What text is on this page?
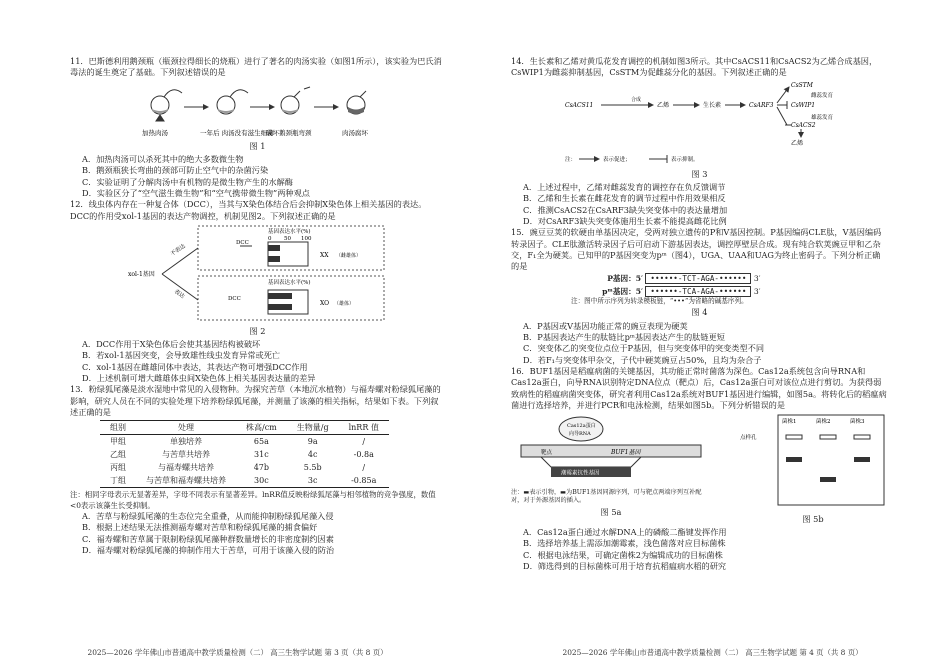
11．巴斯德利用鹅颈瓶（瓶颈拉得细长的烧瓶）进行了著名的肉汤实验（如图1所示），该实验为巴氏消毒法的诞生奠定了基础。下列叙述错误的是

加热肉汤	一年后 肉汤没有滋生细菌
破坏鹅颈瓶弯颈	肉汤腐坏

图 1

A．加热肉汤可以杀死其中的绝大多数微生物

B．鹅颈瓶狭长弯曲的颈部可防止空气中的杂菌污染

C．实验证明了分解肉汤中有机物的是微生物产生的水解酶

D．实验区分了“空气滋生微生物”和“空气携带微生物”两种观点

12．线虫体内存在一种复合体（DCC），当其与X染色体结合后会抑制X染色体上相关基因的表达。DCC的作用受xol-1基因的表达产物调控，机制见图2。下列叙述正确的是

基因表达水平(%)
0 50 100
DCC
XX （雌雄体）
xol-1基因
不表达
表达
基因表达水平(%)
DCC
XO （雄体）

图 2

A．DCC作用于X染色体后会使其基因结构被破坏

B．若xol-1基因突变，会导致雄性线虫发育异常或死亡

C．xol-1基因在雌雄同体中表达，其表达产物可增强DCC作用

D．上述机制可增大雌雄体虫间X染色体上相关基因表达量的差异

13．粉绿狐尾藻是淡水湿地中常见的入侵物种。为探究苦草（本地沉水植物）与福寿螺对粉绿狐尾藻的影响，研究人员在不同的实验处理下培养粉绿狐尾藻，并测量了该藻的相关指标，结果如下表。下列叙述正确的是

组别	处理	株高/cm	生物量/g	lnRR 值
甲组	单独培养	65a	9a	/
乙组	与苦草共培养	31c	4c	-0.8a
丙组	与福寿螺共培养	47b	5.5b	/
丁组	与苦草和福寿螺共培养	30c	3c	-0.85a

注：相同字母表示无显著差异，字母不同表示有显著差异。lnRR值反映粉绿狐尾藻与相邻植物的竞争强度，数值<0表示该藻生长受抑制。

A．苦草与粉绿狐尾藻的生态位完全重叠，从而能抑制粉绿狐尾藻入侵

B．根据上述结果无法推测福寿螺对苦草和粉绿狐尾藻的捕食偏好

C．福寿螺和苦草属于限制粉绿狐尾藻种群数量增长的非密度制约因素

D．福寿螺对粉绿狐尾藻的抑制作用大于苦草，可用于该藻入侵的防治

2025—2026 学年佛山市普通高中教学质量检测（二） 高三生物学试题 第 3 页（共 8 页）

14．生长素和乙烯对黄瓜花发育调控的机制如图3所示。其中CsACS11和CsACS2为乙烯合成基因，CsWIP1为雌蕊抑制基因，CsSTM为促雌蕊分化的基因。下列叙述正确的是

CsACS11	乙烯	生长素	CsARF3
CsSTM
CsWIP1
CsACS2
合成
雌蕊发育
雄蕊发育
乙烯
注：	表示促进；	表示抑制。

图 3

A．上述过程中，乙烯对雌蕊发育的调控存在负反馈调节

B．乙烯和生长素在雌花发育的调节过程中作用效果相反

C．推测CsACS2在CsARF3缺失突变体中的表达量增加

D．对CsARF3缺失突变体施用生长素不能提高雌花比例

15．豌豆豆荚的软硬由单基因决定，受两对独立遗传的P和V基因控制。P基因编码CLE肽，V基因编码转录因子。CLE肽激活转录因子后可启动下游基因表达，调控厚壁层合成。现有纯合软荚豌豆甲和乙杂交，F₁全为硬荚。已知甲的P基因突变为pᵐ（图4），UGA、UAA和UAG为终止密码子。下列分析正确的是

P基因：5′ ••••••-TCT-AGA-•••••• 3′
pᵐ基因：5′ ••••••-TCA-AGA-•••••• 3′

注：图中所示序列为转录模板链，“•••”为省略的碱基序列。

图 4

A．P基因或V基因功能正常的豌豆表现为硬荚

B．P基因表达产生的肽链比pᵐ基因表达产生的肽链更短

C．突变体乙的突变位点位于P基因，但与突变体甲的突变类型不同

D．若F₁与突变体甲杂交，子代中硬荚豌豆占50%，且均为杂合子

16．BUF1基因是稻瘟病菌的关键基因，其功能正常时菌落为深色。Cas12a系统包含向导RNA和Cas12a蛋白，向导RNA识别特定DNA位点（靶点）后，Cas12a蛋白可对该位点进行剪切。为获得弱致病性的稻瘟病菌突变体，研究者利用Cas12a系统对BUF1基因进行编辑，如图5a。将转化后的稻瘟病菌进行选择培养，并进行PCR和电泳检测，结果如图5b。下列分析错误的是

Cas12a蛋白
向导RNA
靶点	BUF1基因
潮霉素抗性基因

注：▬表示引物，▬为BUF1基因同源序列，可与靶点两端序列互补配对，对于外源基因的插入。

图 5a

菌株1	菌株2	菌株3
点样孔

图 5b

A．Cas12a蛋白通过水解DNA上的磷酸二酯键发挥作用

B．选择培养基上需添加潮霉素，浅色菌落对应目标菌株

C．根据电泳结果，可确定菌株2为编辑成功的目标菌株

D．筛选得到的目标菌株可用于培育抗稻瘟病水稻的研究

2025—2026 学年佛山市普通高中教学质量检测（二） 高三生物学试题 第 4 页（共 8 页）
